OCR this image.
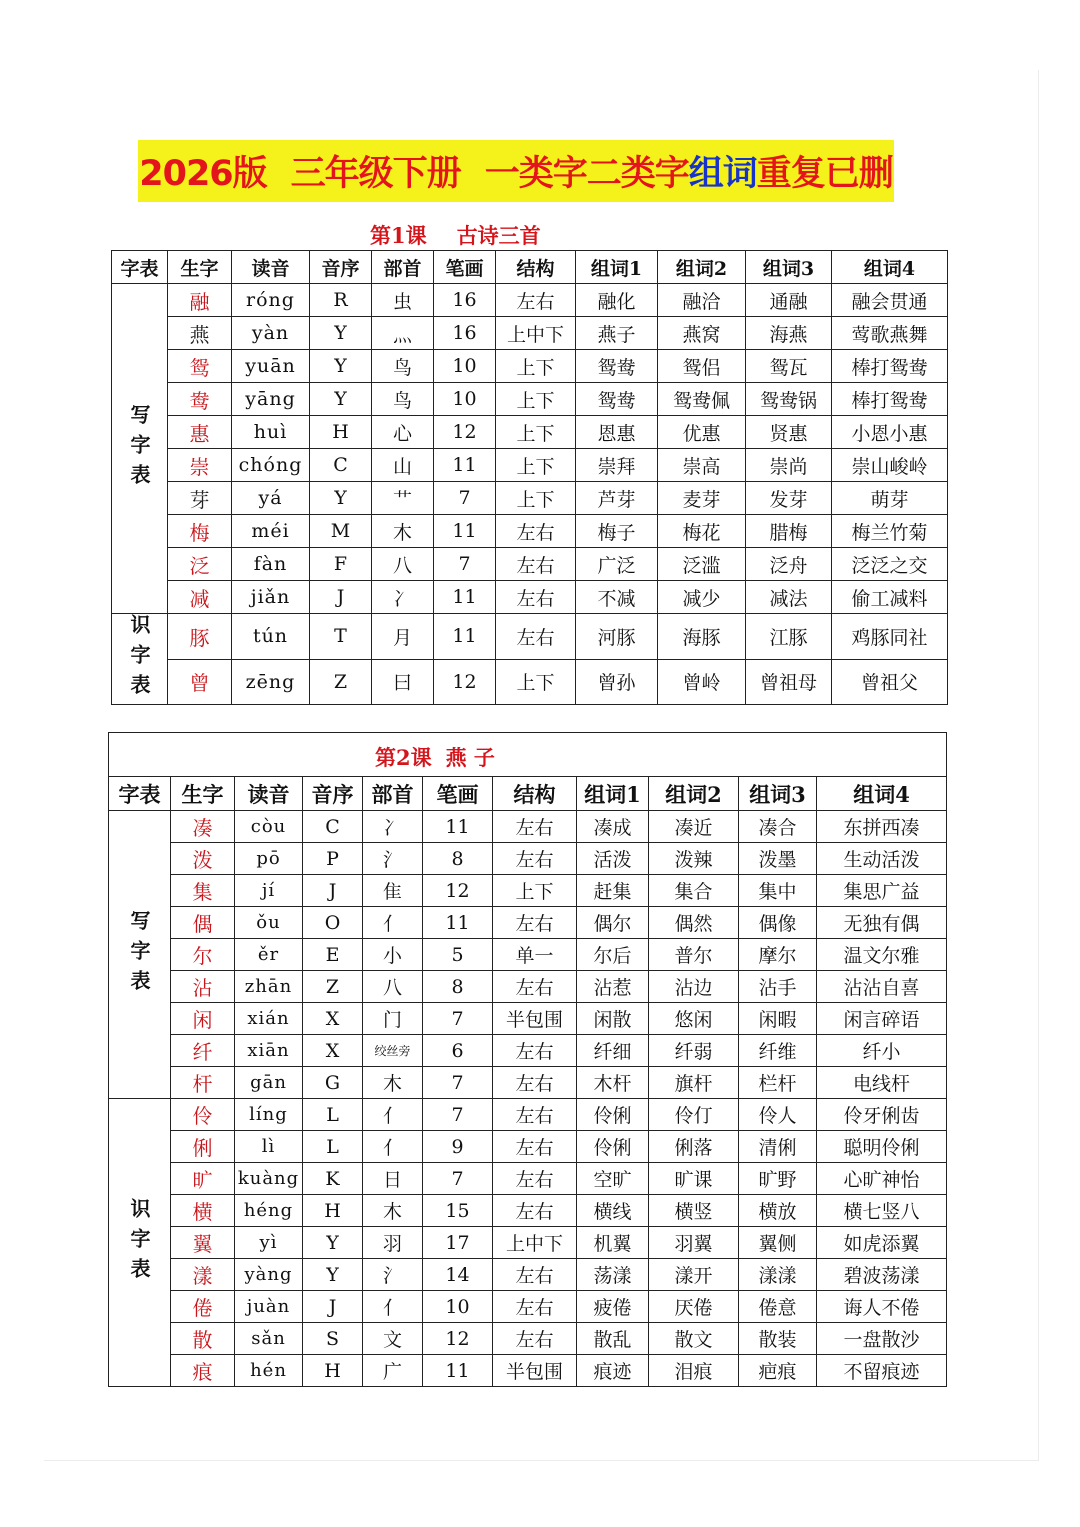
2026版 三年级下册 一类字二类字 组词 重复已删
第1课 古诗三首
字表	生字	读音	音序	部首	笔画	结构	组词1	组词2	组词3	组词4
写字表	融	róng	R	虫	16	左右	融化	融洽	通融	融会贯通
	燕	yàn	Y	灬	16	上中下	燕子	燕窝	海燕	莺歌燕舞
	鸳	yuān	Y	鸟	10	上下	鸳鸯	鸳侣	鸳瓦	棒打鸳鸯
	鸯	yāng	Y	鸟	10	上下	鸳鸯	鸳鸯佩	鸳鸯锅	棒打鸳鸯
	惠	huì	H	心	12	上下	恩惠	优惠	贤惠	小恩小惠
	崇	chóng	C	山	11	上下	崇拜	崇高	崇尚	崇山峻岭
	芽	yá	Y	艹	7	上下	芦芽	麦芽	发芽	萌芽
	梅	méi	M	木	11	左右	梅子	梅花	腊梅	梅兰竹菊
	泛	fàn	F	八	7	左右	广泛	泛滥	泛舟	泛泛之交
	减	jiǎn	J	冫	11	左右	不减	减少	减法	偷工减料
识字表	豚	tún	T	月	11	左右	河豚	海豚	江豚	鸡豚同社
	曾	zēng	Z	曰	12	上下	曾孙	曾岭	曾祖母	曾祖父
第2课 燕 子										
字表	生字	读音	音序	部首	笔画	结构	组词1	组词2	组词3	组词4
写字表	凑	còu	C	冫	11	左右	凑成	凑近	凑合	东拼西凑
	泼	pō	P	氵	8	左右	活泼	泼辣	泼墨	生动活泼
	集	jí	J	隹	12	上下	赶集	集合	集中	集思广益
	偶	ǒu	O	亻	11	左右	偶尔	偶然	偶像	无独有偶
	尔	ěr	E	小	5	单一	尔后	普尔	摩尔	温文尔雅
	沾	zhān	Z	八	8	左右	沾惹	沾边	沾手	沾沾自喜
	闲	xián	X	门	7	半包围	闲散	悠闲	闲暇	闲言碎语
	纤	xiān	X	绞丝旁	6	左右	纤细	纤弱	纤维	纤小
	杆	gān	G	木	7	左右	木杆	旗杆	栏杆	电线杆
识字表	伶	líng	L	亻	7	左右	伶俐	伶仃	伶人	伶牙俐齿
	俐	lì	L	亻	9	左右	伶俐	俐落	清俐	聪明伶俐
	旷	kuàng	K	日	7	左右	空旷	旷课	旷野	心旷神怡
	横	héng	H	木	15	左右	横线	横竖	横放	横七竖八
	翼	yì	Y	羽	17	上中下	机翼	羽翼	翼侧	如虎添翼
	漾	yàng	Y	氵	14	左右	荡漾	漾开	漾漾	碧波荡漾
	倦	juàn	J	亻	10	左右	疲倦	厌倦	倦意	诲人不倦
	散	sǎn	S	文	12	左右	散乱	散文	散装	一盘散沙
	痕	hén	H	广	11	半包围	痕迹	泪痕	疤痕	不留痕迹
